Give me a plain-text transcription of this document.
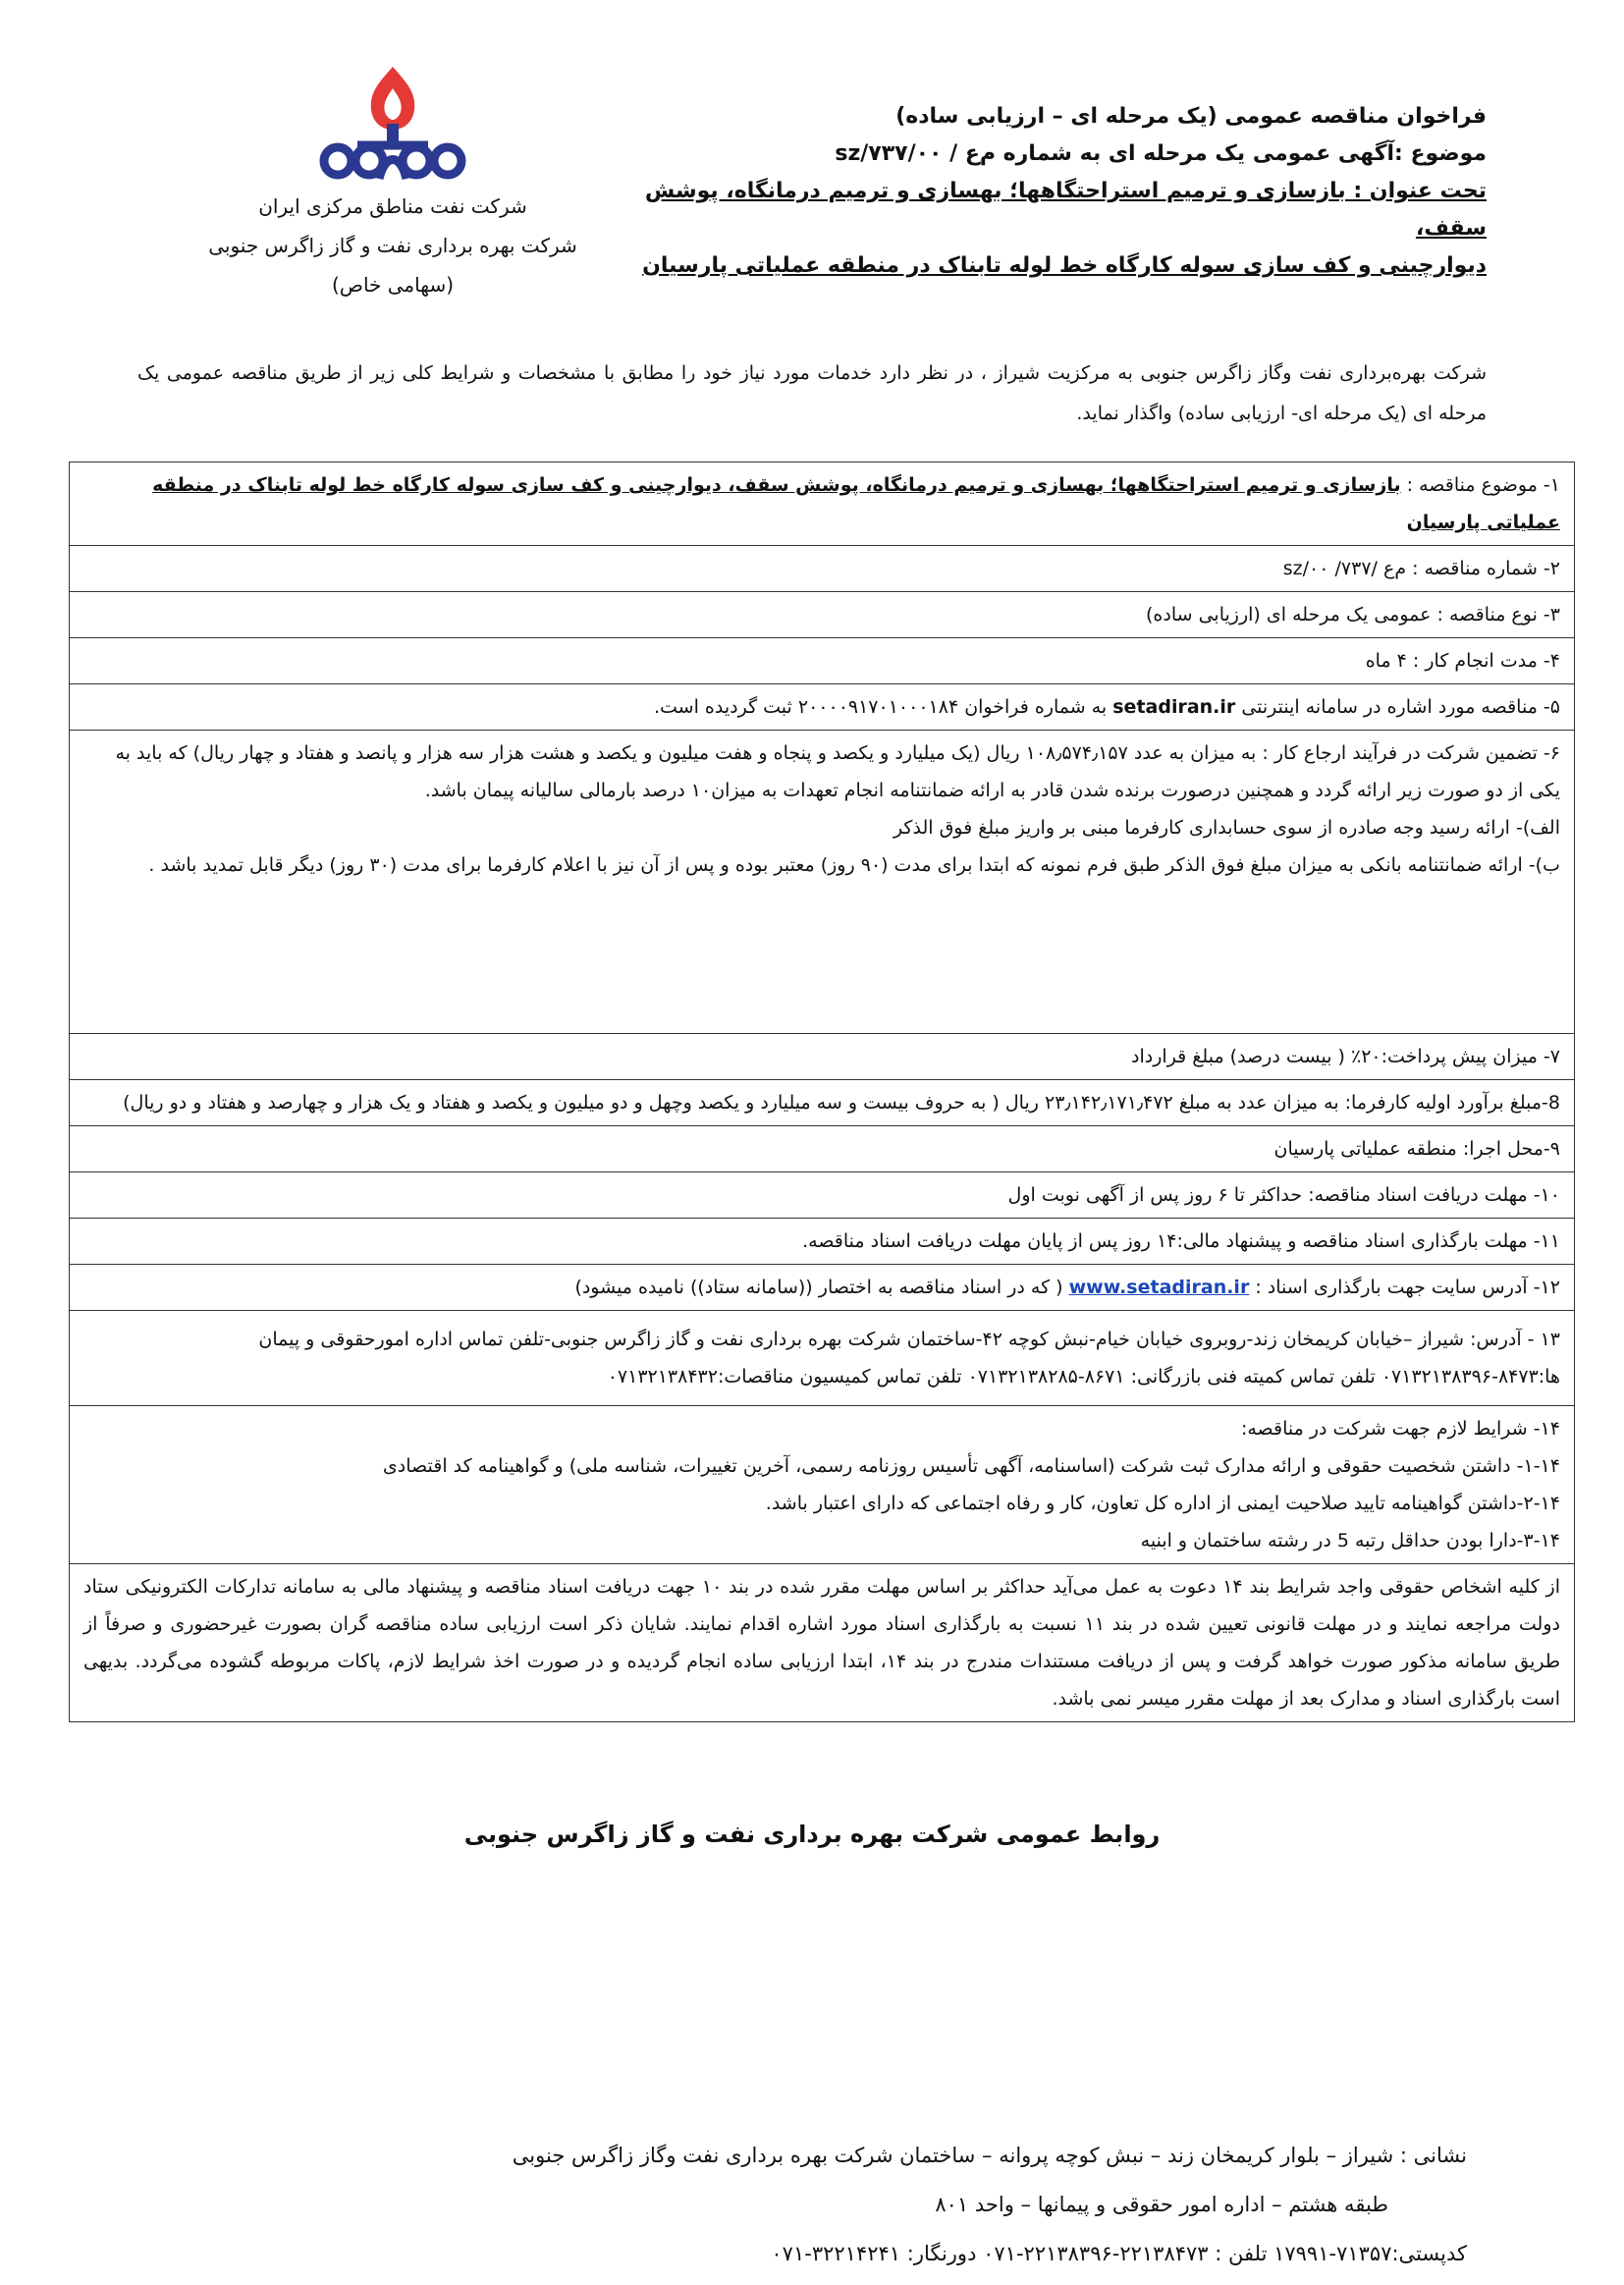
شرکت نفت مناطق مرکزی ایران
شرکت بهره برداری نفت و گاز زاگرس جنوبی
(سهامی خاص)
فراخوان مناقصه عمومی (یک مرحله ای – ارزیابی ساده)
موضوع :آگهی عمومی یک مرحله ای به شماره م‌ع / ۷۳۷/۰۰/sz
تحت عنوان : بازسازی و ترمیم استراحتگاهها؛ بهسازی و ترمیم درمانگاه، پوشش سقف،
دیوارچینی و کف سازی سوله کارگاه خط لوله تابناک در منطقه عملیاتی پارسیان
شرکت بهره‌برداری نفت وگاز زاگرس جنوبی به مرکزیت شیراز ، در نظر دارد خدمات مورد نیاز خود را مطابق با مشخصات و شرایط کلی زیر از طریق مناقصه عمومی یک مرحله ای (یک مرحله ای- ارزیابی ساده) واگذار نماید.
۱- موضوع مناقصه : بازسازی و ترمیم استراحتگاهها؛ بهسازی و ترمیم درمانگاه، پوشش سقف، دیوارچینی و کف سازی سوله کارگاه خط لوله تابناک در منطقه عملیاتی پارسیان
۲- شماره مناقصه : م‌ع /۷۳۷/ sz/۰۰
۳- نوع مناقصه : عمومی یک مرحله ای (ارزیابی ساده)
۴- مدت انجام کار : ۴ ماه
۵- مناقصه مورد اشاره در سامانه اینترنتی setadiran.ir به شماره فراخوان ۲۰۰۰۰۹۱۷۰۱۰۰۰۱۸۴ ثبت گردیده است.

۶- تضمین شرکت در فرآیند ارجاع کار : به میزان به عدد ۱۰۸٫۵۷۴٫۱۵۷ ریال (یک میلیارد و یکصد و پنجاه و هفت میلیون و یکصد و هشت هزار سه هزار و پانصد و هفتاد و چهار ریال) که باید به یکی از دو صورت زیر ارائه گردد و همچنین درصورت برنده شدن قادر به ارائه ضمانتنامه انجام تعهدات به میزان۱۰ درصد بارمالی سالیانه پیمان باشد.
الف)- ارائه رسید وجه صادره از سوی حسابداری کارفرما مبنی بر واریز مبلغ فوق الذکر
ب)- ارائه ضمانتنامه بانکی به میزان مبلغ فوق الذکر طبق فرم نمونه که ابتدا برای مدت (۹۰ روز) معتبر بوده و پس از آن نیز با اعلام کارفرما برای مدت (۳۰ روز) دیگر قابل تمدید باشد .

۷- میزان پیش پرداخت:۲۰٪ ( بیست درصد) مبلغ قرارداد
8-مبلغ برآورد اولیه کارفرما: به میزان عدد به مبلغ ۲۳٫۱۴۲٫۱۷۱٫۴۷۲ ریال ( به حروف بیست و سه میلیارد و یکصد وچهل و دو میلیون و یکصد و هفتاد و یک هزار و چهارصد و هفتاد و دو ریال)
۹-محل اجرا: منطقه عملیاتی پارسیان
۱۰- مهلت دریافت اسناد مناقصه: حداکثر تا ۶ روز پس از آگهی نوبت اول
۱۱- مهلت بارگذاری اسناد مناقصه و پیشنهاد مالی:۱۴ روز پس از پایان مهلت دریافت اسناد مناقصه.
۱۲- آدرس سایت جهت بارگذاری اسناد : www.setadiran.ir ( که در اسناد مناقصه به اختصار ((سامانه ستاد)) نامیده میشود)
۱۳ - آدرس: شیراز –خیابان کریمخان زند-روبروی خیابان خیام-نبش کوچه ۴۲-ساختمان شرکت بهره برداری نفت و گاز زاگرس جنوبی-تلفن تماس اداره امورحقوقی و پیمان ها:۸۴۷۳-۰۷۱۳۲۱۳۸۳۹۶ تلفن تماس کمیته فنی بازرگانی: ۸۶۷۱-۰۷۱۳۲۱۳۸۲۸۵ تلفن تماس کمیسیون مناقصات:۰۷۱۳۲۱۳۸۴۳۲

۱۴- شرایط لازم جهت شرکت در مناقصه:
۱-۱۴- داشتن شخصیت حقوقی و ارائه مدارک ثبت شرکت (اساسنامه، آگهی تأسیس روزنامه رسمی، آخرین تغییرات، شناسه ملی) و گواهینامه کد اقتصادی
۲-۱۴-داشتن گواهینامه تایید صلاحیت ایمنی از اداره کل تعاون، کار و رفاه اجتماعی که دارای اعتبار باشد.
۳-۱۴-دارا بودن حداقل رتبه 5 در رشته ساختمان و ابنیه

از کلیه اشخاص حقوقی واجد شرایط بند ۱۴ دعوت به عمل می‌آید حداکثر بر اساس مهلت مقرر شده در بند ۱۰ جهت دریافت اسناد مناقصه و پیشنهاد مالی به سامانه تدارکات الکترونیکی ستاد دولت مراجعه نمایند و در مهلت قانونی تعیین شده در بند ۱۱ نسبت به بارگذاری اسناد مورد اشاره اقدام نمایند. شایان ذکر است ارزیابی ساده مناقصه گران بصورت غیرحضوری و صرفاً از طریق سامانه مذکور صورت خواهد گرفت و پس از دریافت مستندات مندرج در بند ۱۴، ابتدا ارزیابی ساده انجام گردیده و در صورت اخذ شرایط لازم، پاکات مربوطه گشوده می‌گردد. بدیهی است بارگذاری اسناد و مدارک بعد از مهلت مقرر میسر نمی باشد.
روابط عمومی شرکت بهره برداری نفت و گاز زاگرس جنوبی
نشانی : شیراز – بلوار کریمخان زند – نبش کوچه پروانه – ساختمان شرکت بهره برداری نفت وگاز زاگرس جنوبی
طبقه هشتم – اداره امور حقوقی و پیمانها – واحد ۸۰۱
کدپستی:۷۱۳۵۷-۱۷۹۹۱ تلفن : ۲۲۱۳۸۴۷۳-۲۲۱۳۸۳۹۶-۰۷۱ دورنگار: ۳۲۲۱۴۲۴۱-۰۷۱
